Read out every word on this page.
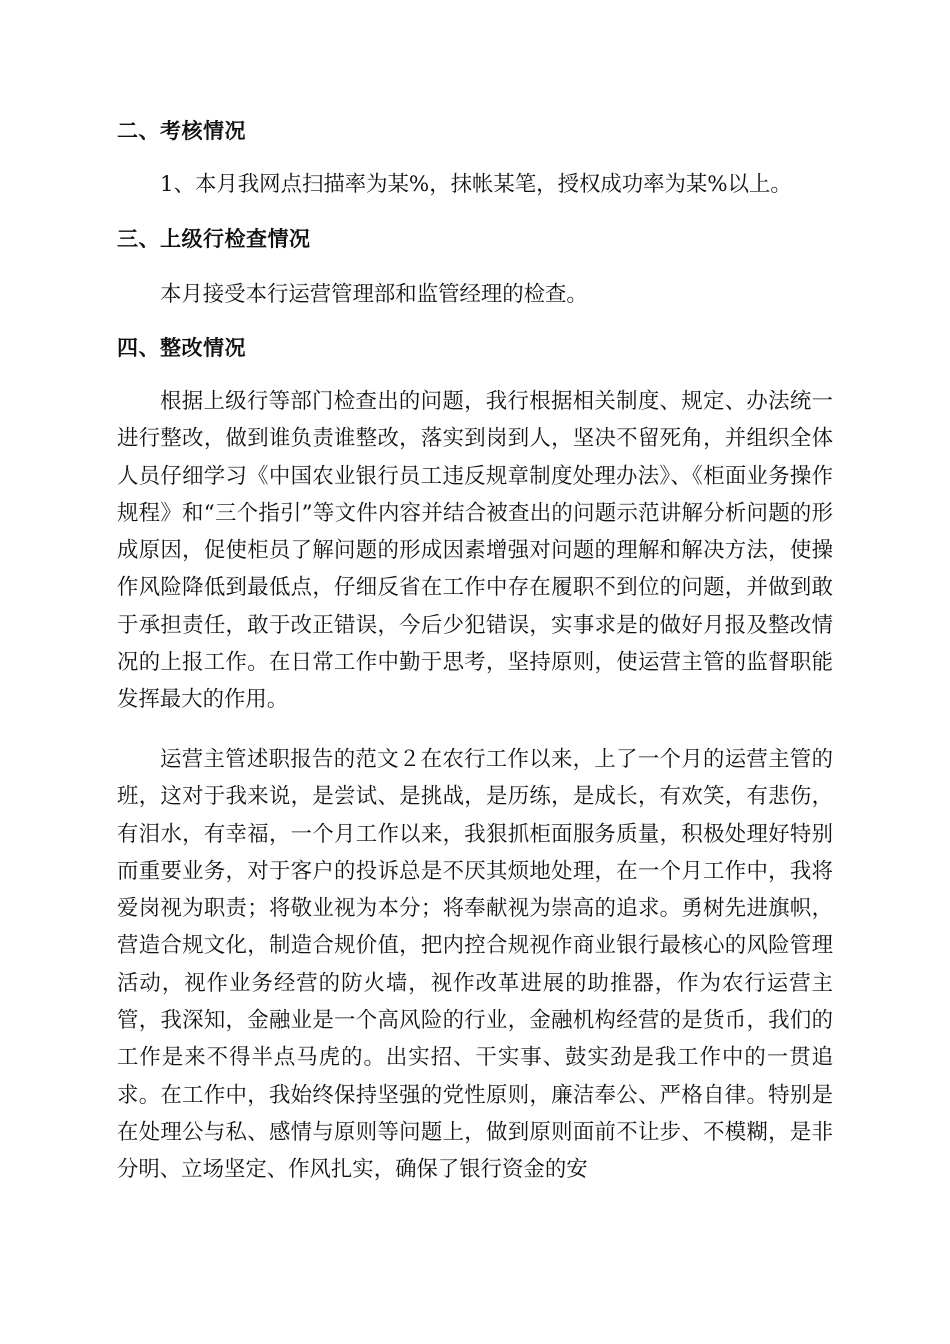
二、考核情况
1、本月我网点扫描率为某%，抹帐某笔，授权成功率为某%以上。
三、上级行检查情况
本月接受本行运营管理部和监管经理的检查。
四、整改情况
根据上级行等部门检查出的问题，我行根据相关制度、规定、办法统一进行整改，做到谁负责谁整改，落实到岗到人，坚决不留死角，并组织全体人员仔细学习《中国农业银行员工违反规章制度处理办法》、《柜面业务操作规程》和“三个指引”等文件内容并结合被查出的问题示范讲解分析问题的形成原因，促使柜员了解问题的形成因素增强对问题的理解和解决方法，使操作风险降低到最低点，仔细反省在工作中存在履职不到位的问题，并做到敢于承担责任，敢于改正错误，今后少犯错误，实事求是的做好月报及整改情况的上报工作。在日常工作中勤于思考，坚持原则，使运营主管的监督职能发挥最大的作用。
运营主管述职报告的范文２在农行工作以来，上了一个月的运营主管的班，这对于我来说，是尝试、是挑战，是历练，是成长，有欢笑，有悲伤，有泪水，有幸福，一个月工作以来，我狠抓柜面服务质量，积极处理好特别而重要业务，对于客户的投诉总是不厌其烦地处理，在一个月工作中，我将爱岗视为职责；将敬业视为本分；将奉献视为崇高的追求。勇树先进旗帜，营造合规文化，制造合规价值，把内控合规视作商业银行最核心的风险管理活动，视作业务经营的防火墙，视作改革进展的助推器，作为农行运营主管，我深知，金融业是一个高风险的行业，金融机构经营的是货币，我们的工作是来不得半点马虎的。出实招、干实事、鼓实劲是我工作中的一贯追求。在工作中，我始终保持坚强的党性原则，廉洁奉公、严格自律。特别是在处理公与私、感情与原则等问题上，做到原则面前不让步、不模糊，是非分明、立场坚定、作风扎实，确保了银行资金的安
